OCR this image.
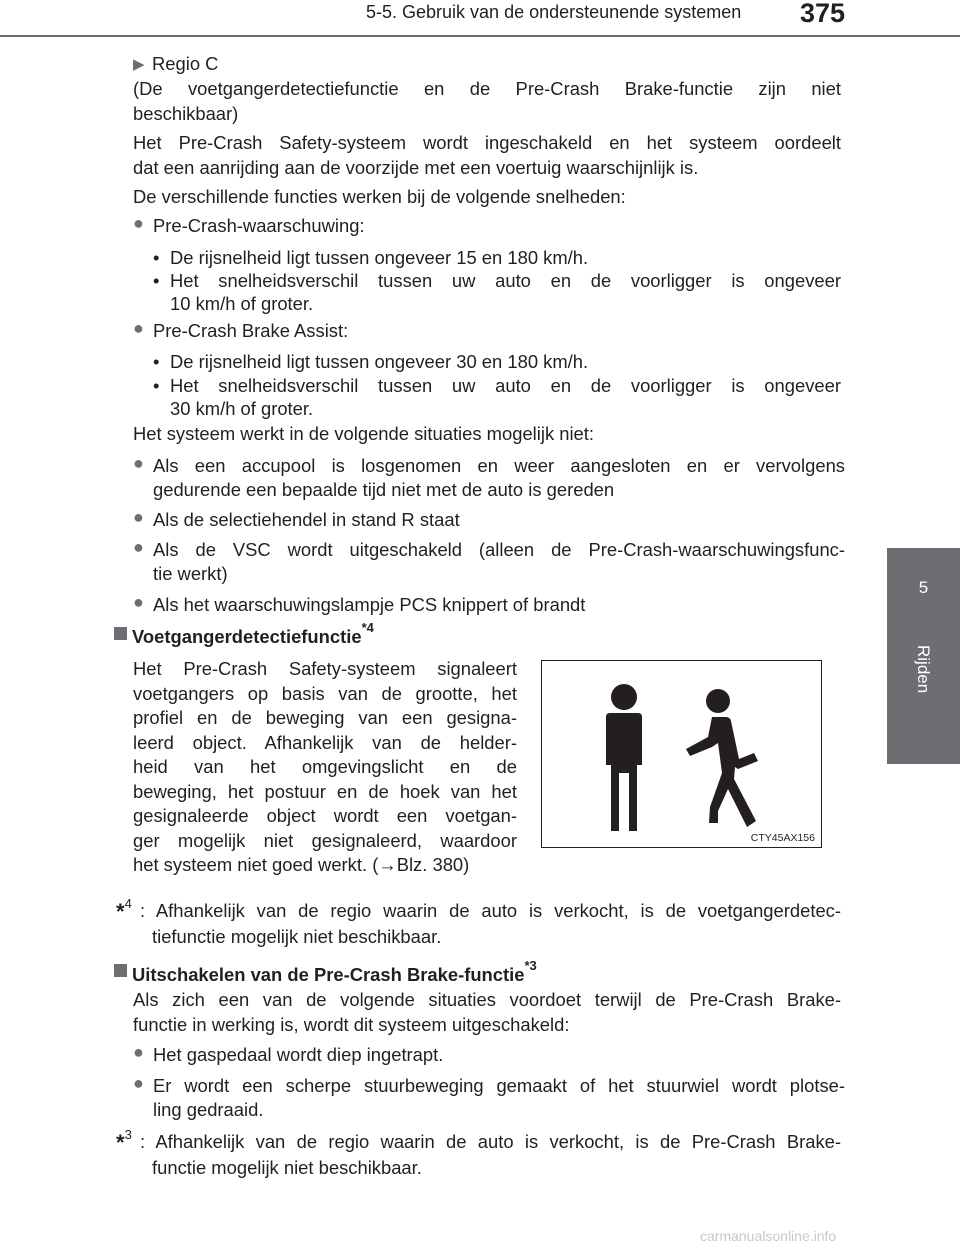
5-5. Gebruik van de ondersteunende systemen 375
5
Rijden
▶ Regio C
(De voetgangerdetectiefunctie en de Pre-Crash Brake-functie zijn niet
beschikbaar)
Het Pre-Crash Safety-systeem wordt ingeschakeld en het systeem oordeelt
dat een aanrijding aan de voorzijde met een voertuig waarschijnlijk is.
De verschillende functies werken bij de volgende snelheden:
● Pre-Crash-waarschuwing:
• De rijsnelheid ligt tussen ongeveer 15 en 180 km/h.
• Het snelheidsverschil tussen uw auto en de voorligger is ongeveer
10 km/h of groter.
● Pre-Crash Brake Assist:
• De rijsnelheid ligt tussen ongeveer 30 en 180 km/h.
• Het snelheidsverschil tussen uw auto en de voorligger is ongeveer
30 km/h of groter.
Het systeem werkt in de volgende situaties mogelijk niet:
● Als een accupool is losgenomen en weer aangesloten en er vervolgens
gedurende een bepaalde tijd niet met de auto is gereden
● Als de selectiehendel in stand R staat
● Als de VSC wordt uitgeschakeld (alleen de Pre-Crash-waarschuwingsfunc-
tie werkt)
● Als het waarschuwingslampje PCS knippert of brandt
Voetgangerdetectiefunctie$^{*4}$
Het Pre-Crash Safety-systeem signaleert
voetgangers op basis van de grootte, het
profiel en de beweging van een gesigna-
leerd object. Afhankelijk van de helder-
heid van het omgevingslicht en de
beweging, het postuur en de hoek van het
gesignaleerde object wordt een voetgan-
ger mogelijk niet gesignaleerd, waardoor
het systeem niet goed werkt. (→Blz. 380)
CTY45AX156
*$^4$ : Afhankelijk van de regio waarin de auto is verkocht, is de voetgangerdetec-
tiefunctie mogelijk niet beschikbaar.
Uitschakelen van de Pre-Crash Brake-functie$^{*3}$
Als zich een van de volgende situaties voordoet terwijl de Pre-Crash Brake-
functie in werking is, wordt dit systeem uitgeschakeld:
● Het gaspedaal wordt diep ingetrapt.
● Er wordt een scherpe stuurbeweging gemaakt of het stuurwiel wordt plotse-
ling gedraaid.
*$^3$ : Afhankelijk van de regio waarin de auto is verkocht, is de Pre-Crash Brake-
functie mogelijk niet beschikbaar.
carmanualsonline.info
